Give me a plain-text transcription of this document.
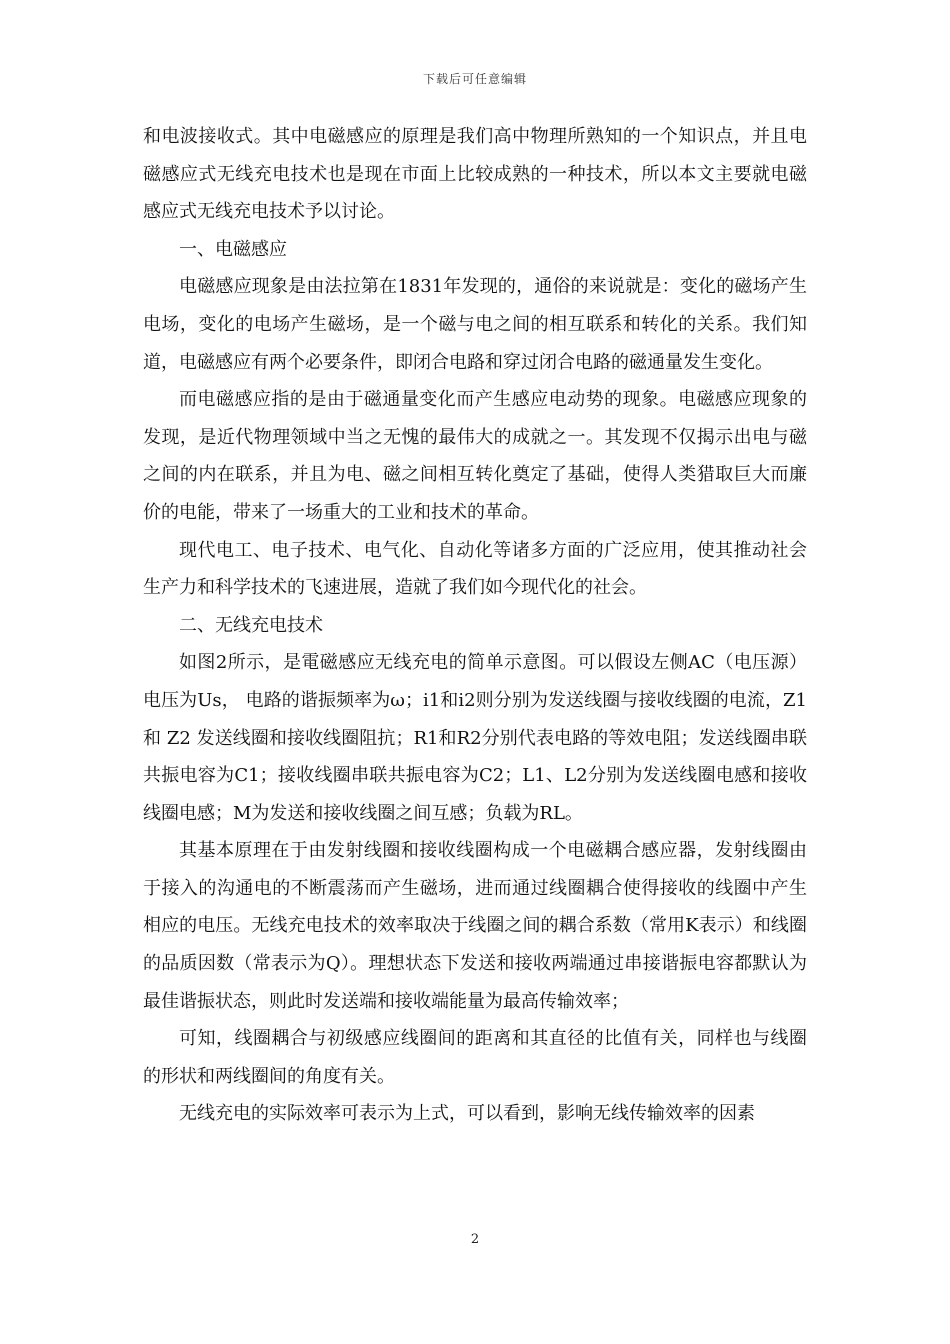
下载后可任意编辑

和电波接收式。其中电磁感应的原理是我们高中物理所熟知的一个知识点，并且电磁感应式无线充电技术也是现在市面上比较成熟的一种技术，所以本文主要就电磁感应式无线充电技术予以讨论。

一、电磁感应

电磁感应现象是由法拉第在1831年发现的，通俗的来说就是：变化的磁场产生电场，变化的电场产生磁场，是一个磁与电之间的相互联系和转化的关系。我们知道，电磁感应有两个必要条件，即闭合电路和穿过闭合电路的磁通量发生变化。

而电磁感应指的是由于磁通量变化而产生感应电动势的现象。电磁感应现象的发现，是近代物理领域中当之无愧的最伟大的成就之一。其发现不仅揭示出电与磁之间的内在联系，并且为电、磁之间相互转化奠定了基础，使得人类猎取巨大而廉价的电能，带来了一场重大的工业和技术的革命。

现代电工、电子技术、电气化、自动化等诸多方面的广泛应用，使其推动社会生产力和科学技术的飞速进展，造就了我们如今现代化的社会。

二、无线充电技术

如图2所示，是電磁感应无线充电的简单示意图。可以假设左侧AC（电压源）电压为Us， 电路的谐振频率为ω；i1和i2则分别为发送线圈与接收线圈的电流，Z1 和 Z2 发送线圈和接收线圈阻抗；R1和R2分别代表电路的等效电阻；发送线圈串联共振电容为C1；接收线圈串联共振电容为C2；L1、L2分别为发送线圈电感和接收线圈电感；M为发送和接收线圈之间互感；负载为RL。

其基本原理在于由发射线圈和接收线圈构成一个电磁耦合感应器，发射线圈由于接入的沟通电的不断震荡而产生磁场，进而通过线圈耦合使得接收的线圈中产生相应的电压。无线充电技术的效率取决于线圈之间的耦合系数（常用K表示）和线圈的品质因数（常表示为Q）。理想状态下发送和接收两端通过串接谐振电容都默认为最佳谐振状态，则此时发送端和接收端能量为最高传输效率；

可知，线圈耦合与初级感应线圈间的距离和其直径的比值有关，同样也与线圈的形状和两线圈间的角度有关。

无线充电的实际效率可表示为上式，可以看到，影响无线传输效率的因素

2
